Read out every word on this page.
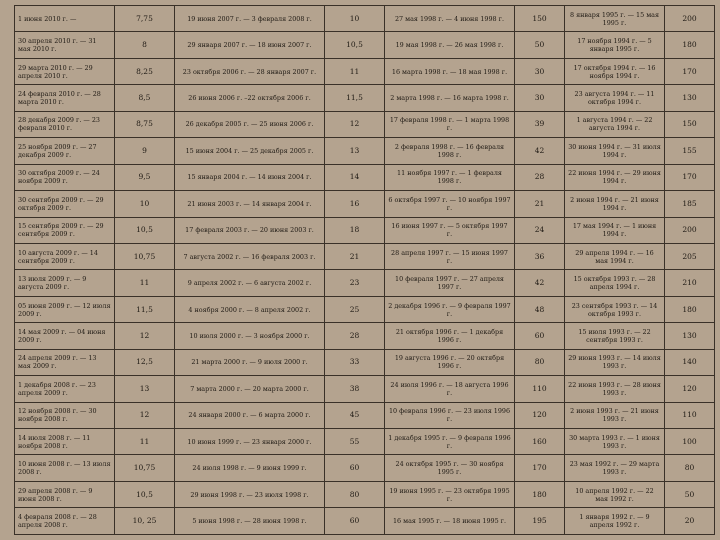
1 июня 2010 г. —	7,75	19 июня 2007 г. — 3 февраля 2008 г.	10	27 мая 1998 г. — 4 июня 1998 г.	150	8 января 1995 г. — 15 мая 1995 г.	200
30 апреля 2010 г. — 31 мая 2010 г.	8	29 января 2007 г. — 18 июня 2007 г.	10,5	19 мая 1998 г. — 26 мая 1998 г.	50	17 ноября 1994 г. — 5 января 1995 г.	180
29 марта 2010 г. — 29 апреля 2010 г.	8,25	23 октября 2006 г. — 28 января 2007 г.	11	16 марта 1998 г. — 18 мая 1998 г.	30	17 октября 1994 г. — 16 ноября 1994 г.	170
24 февраля 2010 г. — 28 марта 2010 г.	8,5	26 июня 2006 г. –22 октября 2006 г.	11,5	2 марта 1998 г. — 16 марта 1998 г.	30	23 августа 1994 г. — 11 октября 1994 г.	130
28 декабря 2009 г. — 23 февраля 2010 г.	8,75	26 декабря 2005 г. — 25 июня 2006 г.	12	17 февраля 1998 г. — 1 марта 1998 г.	39	1 августа 1994 г. — 22 августа 1994 г.	150
25 ноября 2009 г. — 27 декабря 2009 г.	9	15 июня 2004 г. — 25 декабря 2005 г.	13	2 февраля 1998 г. — 16 февраля 1998 г.	42	30 июня 1994 г. — 31 июля 1994 г.	155
30 октября 2009 г. — 24 ноября 2009 г.	9,5	15 января 2004 г. — 14 июня 2004 г.	14	11 ноября 1997 г. — 1 февраля 1998 г.	28	22 июня 1994 г. — 29 июня 1994 г.	170
30 сентября 2009 г. — 29 октября 2009 г.	10	21 июня 2003 г. — 14 января 2004 г.	16	6 октября 1997 г. — 10 ноября 1997 г.	21	2 июня 1994 г. — 21 июня 1994 г.	185
15 сентября 2009 г. — 29 сентября 2009 г.	10,5	17 февраля 2003 г. — 20 июня 2003 г.	18	16 июня 1997 г. — 5 октября 1997 г.	24	17 мая 1994 г. — 1 июня 1994 г.	200
10 августа 2009 г. — 14 сентября 2009 г.	10,75	7 августа 2002 г. — 16 февраля 2003 г.	21	28 апреля 1997 г. — 15 июня 1997 г.	36	29 апреля 1994 г. — 16 мая 1994 г.	205
13 июля 2009 г. — 9 августа 2009 г.	11	9 апреля 2002 г. — 6 августа 2002 г.	23	10 февраля 1997 г. — 27 апреля 1997 г.	42	15 октября 1993 г. — 28 апреля 1994 г.	210
05 июня 2009 г. — 12 июля 2009 г.	11,5	4 ноября 2000 г. — 8 апреля 2002 г.	25	2 декабря 1996 г. — 9 февраля 1997 г.	48	23 сентября 1993 г. — 14 октября 1993 г.	180
14 мая 2009 г. — 04 июня 2009 г.	12	10 июля 2000 г. — 3 ноября 2000 г.	28	21 октября 1996 г. — 1 декабря 1996 г.	60	15 июля 1993 г. — 22 сентября 1993 г.	130
24 апреля 2009 г. — 13 мая 2009 г.	12,5	21 марта 2000 г. — 9 июля 2000 г.	33	19 августа 1996 г. — 20 октября 1996 г.	80	29 июня 1993 г. — 14 июля 1993 г.	140
1 декабря 2008 г. — 23 апреля 2009 г.	13	7 марта 2000 г. — 20 марта 2000 г.	38	24 июля 1996 г. — 18 августа 1996 г.	110	22 июня 1993 г. — 28 июня 1993 г.	120
12 ноября 2008 г. — 30 ноября 2008 г.	12	24 января 2000 г. — 6 марта 2000 г.	45	10 февраля 1996 г. — 23 июля 1996 г.	120	2 июня 1993 г. — 21 июня 1993 г.	110
14 июля 2008 г. — 11 ноября 2008 г.	11	10 июня 1999 г. — 23 января 2000 г.	55	1 декабря 1995 г. — 9 февраля 1996 г.	160	30 марта 1993 г. — 1 июня 1993 г.	100
10 июня 2008 г. — 13 июля 2008 г.	10,75	24 июля 1998 г. — 9 июня 1999 г.	60	24 октября 1995 г. — 30 ноября 1995 г.	170	23 мая 1992 г. — 29 марта 1993 г.	80
29 апреля 2008 г. — 9 июня 2008 г.	10,5	29 июня 1998 г. — 23 июля 1998 г.	80	19 июня 1995 г. — 23 октября 1995 г.	180	10 апреля 1992 г. — 22 мая 1992 г.	50
4 февраля 2008 г. — 28 апреля 2008 г.	10, 25	5 июня 1998 г. — 28 июня 1998 г.	60	16 мая 1995 г. — 18 июня 1995 г.	195	1 января 1992 г. — 9 апреля 1992 г.	20
